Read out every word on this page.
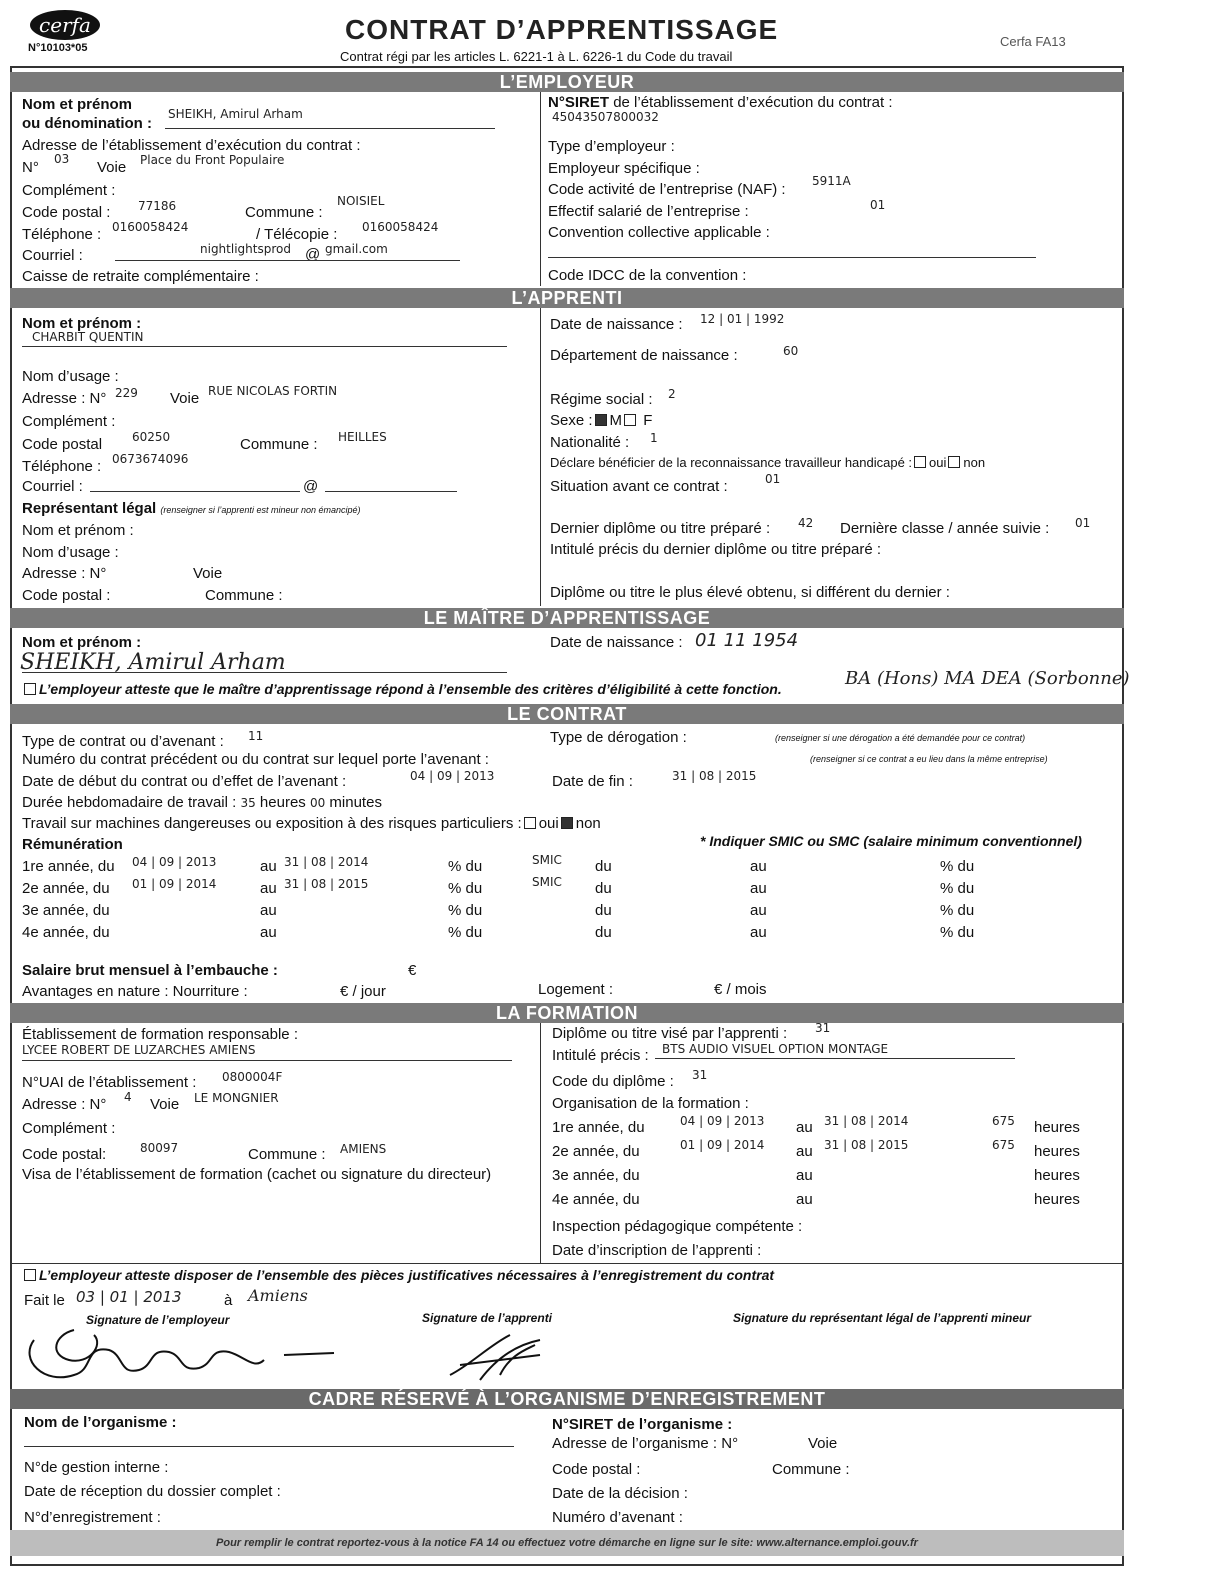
cerfa
N°10103*05
CONTRAT D’APPRENTISSAGE
Contrat régi par les articles L. 6221-1 à L. 6226-1 du Code du travail
Cerfa FA13
L’EMPLOYEUR
Nom et prénom
ou dénomination :
SHEIKH, Amirul Arham
Adresse de l’établissement d’exécution du contrat :
N° 03 Voie Place du Front Populaire
Complément :
Code postal : 77186	Commune :
NOISIEL
Téléphone : 0160058424	/ Télécopie : 0160058424
Courriel :	nightlightsprod @ gmail.com
Caisse de retraite complémentaire :
N°SIRET de l’établissement d’exécution du contrat :
45043507800032
Type d’employeur :
Employeur spécifique :
Code activité de l’entreprise (NAF) : 5911A
Effectif salarié de l’entreprise :	01
Convention collective applicable :
Code IDCC de la convention :
L’APPRENTI
Nom et prénom :
CHARBIT QUENTIN
Nom d’usage :
Adresse : N° 229 Voie RUE NICOLAS FORTIN
Complément :
Code postal 60250	Commune : HEILLES
Téléphone : 0673674096
Courriel :	@
Représentant légal (renseigner si l’apprenti est mineur non émancipé)
Nom et prénom :
Nom d’usage :
Adresse : N°	Voie
Code postal :	Commune :
Date de naissance : 12 | 01 | 1992
Département de naissance :	60
Régime social : 2
Sexe : M F
Nationalité : 1
Déclare bénéficier de la reconnaissance travailleur handicapé : oui non
Situation avant ce contrat :	01
Dernier diplôme ou titre préparé : 42 Dernière classe / année suivie : 01
Intitulé précis du dernier diplôme ou titre préparé :
Diplôme ou titre le plus élevé obtenu, si différent du dernier :
LE MAÎTRE D’APPRENTISSAGE
Nom et prénom :
SHEIKH, Amirul Arham
Date de naissance : 01 11 1954
L’employeur atteste que le maître d’apprentissage répond à l’ensemble des critères d’éligibilité à cette fonction.	BA (Hons) MA DEA (Sorbonne)
LE CONTRAT
Type de contrat ou d’avenant : 11	Type de dérogation :	(renseigner si une dérogation a été demandée pour ce contrat)
Numéro du contrat précédent ou du contrat sur lequel porte l’avenant :	(renseigner si ce contrat a eu lieu dans la même entreprise)
Date de début du contrat ou d’effet de l’avenant :	04 | 09 | 2013	Date de fin :	31 | 08 | 2015
Durée hebdomadaire de travail : 35 heures 00 minutes
Travail sur machines dangereuses ou exposition à des risques particuliers : oui non
* Indiquer SMIC ou SMC (salaire minimum conventionnel)
Rémunération
1re année, du 04 | 09 | 2013	au 31 | 08 | 2014	% du	SMIC du	au	% du
2e année, du 01 | 09 | 2014	au 31 | 08 | 2015	% du	SMIC du	au	% du
3e année, du	au	% du	du	au	% du
4e année, du	au	% du	du	au	% du
Salaire brut mensuel à l’embauche :	€
Avantages en nature : Nourriture :	€ / jour	Logement :	€ / mois
LA FORMATION
Établissement de formation responsable :
LYCEE ROBERT DE LUZARCHES AMIENS
N°UAI de l’établissement : 0800004F
Adresse : N° 4 Voie LE MONGNIER
Complément :
Code postal:	80097	Commune : AMIENS
Visa de l’établissement de formation (cachet ou signature du directeur)
Diplôme ou titre visé par l’apprenti : 31
Intitulé précis : BTS AUDIO VISUEL OPTION MONTAGE
Code du diplôme : 31
Organisation de la formation :
1re année, du	04 | 09 | 2013 au 31 | 08 | 2014	675 heures
2e année, du	01 | 09 | 2014 au 31 | 08 | 2015	675 heures
3e année, du	au	heures
4e année, du	au	heures
Inspection pédagogique compétente :
Date d’inscription de l’apprenti :
L’employeur atteste disposer de l’ensemble des pièces justificatives nécessaires à l’enregistrement du contrat
Fait le 03 | 01 | 2013	à Amiens
Signature de l’employeur	Signature de l’apprenti	Signature du représentant légal de l’apprenti mineur
CADRE RÉSERVÉ À L’ORGANISME D’ENREGISTREMENT
Nom de l’organisme :
N°de gestion interne :
Date de réception du dossier complet :
N°d’enregistrement :
N°SIRET de l’organisme :
Adresse de l’organisme : N°	Voie
Code postal :	Commune :
Date de la décision :
Numéro d’avenant :
Pour remplir le contrat reportez-vous à la notice FA 14 ou effectuez votre démarche en ligne sur le site: www.alternance.emploi.gouv.fr
